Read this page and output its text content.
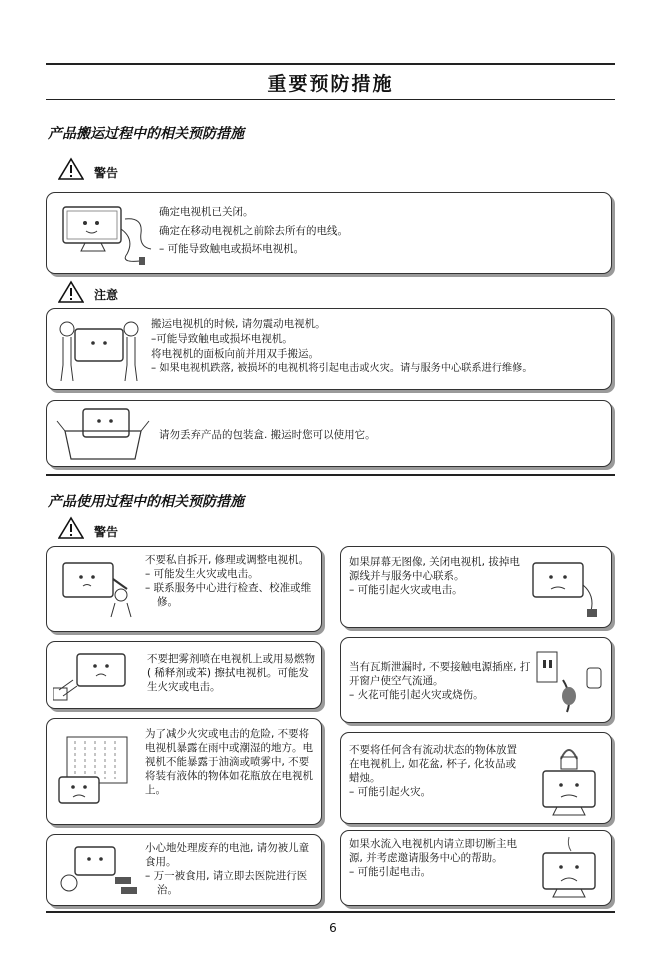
重要预防措施
产品搬运过程中的相关预防措施
警告

确定电视机已关闭。

确定在移动电视机之前除去所有的电线。

– 可能导致触电或损坏电视机。

注意

搬运电视机的时候, 请勿震动电视机。

–可能导致触电或损坏电视机。

将电视机的面板向前并用双手搬运。

– 如果电视机跌落, 被损坏的电视机将引起电击或火灾。请与服务中心联系进行维修。

请勿丢弃产品的包装盒. 搬运时您可以使用它。
产品使用过程中的相关预防措施
警告

不要私自拆开, 修理或调整电视机。

– 可能发生火灾或电击。

– 联系服务中心进行检查、校准或维修。

不要把雾剂喷在电视机上或用易燃物 ( 稀释剂或苯) 擦拭电视机。可能发生火灾或电击。
为了减少火灾或电击的危险, 不要将电视机暴露在雨中或潮湿的地方。电视机不能暴露于油滴或喷雾中, 不要将装有液体的物体如花瓶放在电视机上。

小心地处理废弃的电池, 请勿被儿童食用。

– 万一被食用, 请立即去医院进行医治。

如果屏幕无图像, 关闭电视机, 拔掉电源线并与服务中心联系。

– 可能引起火灾或电击。

当有瓦斯泄漏时, 不要接触电源插座, 打开窗户使空气流通。

– 火花可能引起火灾或烧伤。

不要将任何含有流动状态的物体放置在电视机上, 如花盆, 杯子, 化妆品或蜡烛。

– 可能引起火灾。

如果水流入电视机内请立即切断主电源, 并考虑邀请服务中心的帮助。

– 可能引起电击。

6
